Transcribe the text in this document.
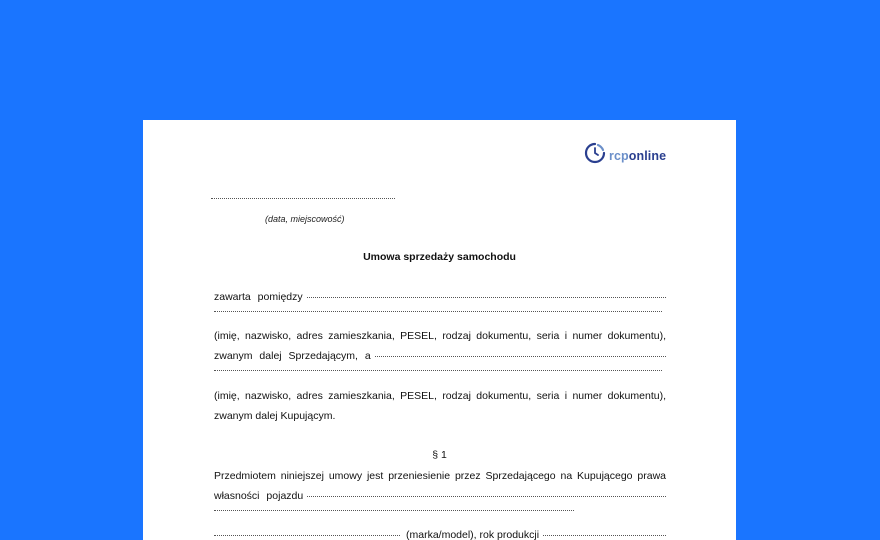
rcponline
(data, miejscowość)
Umowa sprzedaży samochodu
zawarta pomiędzy
(imię, nazwisko, adres zamieszkania, PESEL, rodzaj dokumentu, seria i numer dokumentu),
zwanym dalej Sprzedającym, a
(imię, nazwisko, adres zamieszkania, PESEL, rodzaj dokumentu, seria i numer dokumentu),
zwanym dalej Kupującym.
§ 1
Przedmiotem niniejszej umowy jest przeniesienie przez Sprzedającego na Kupującego prawa
własności pojazdu
(marka/model), rok produkcji
